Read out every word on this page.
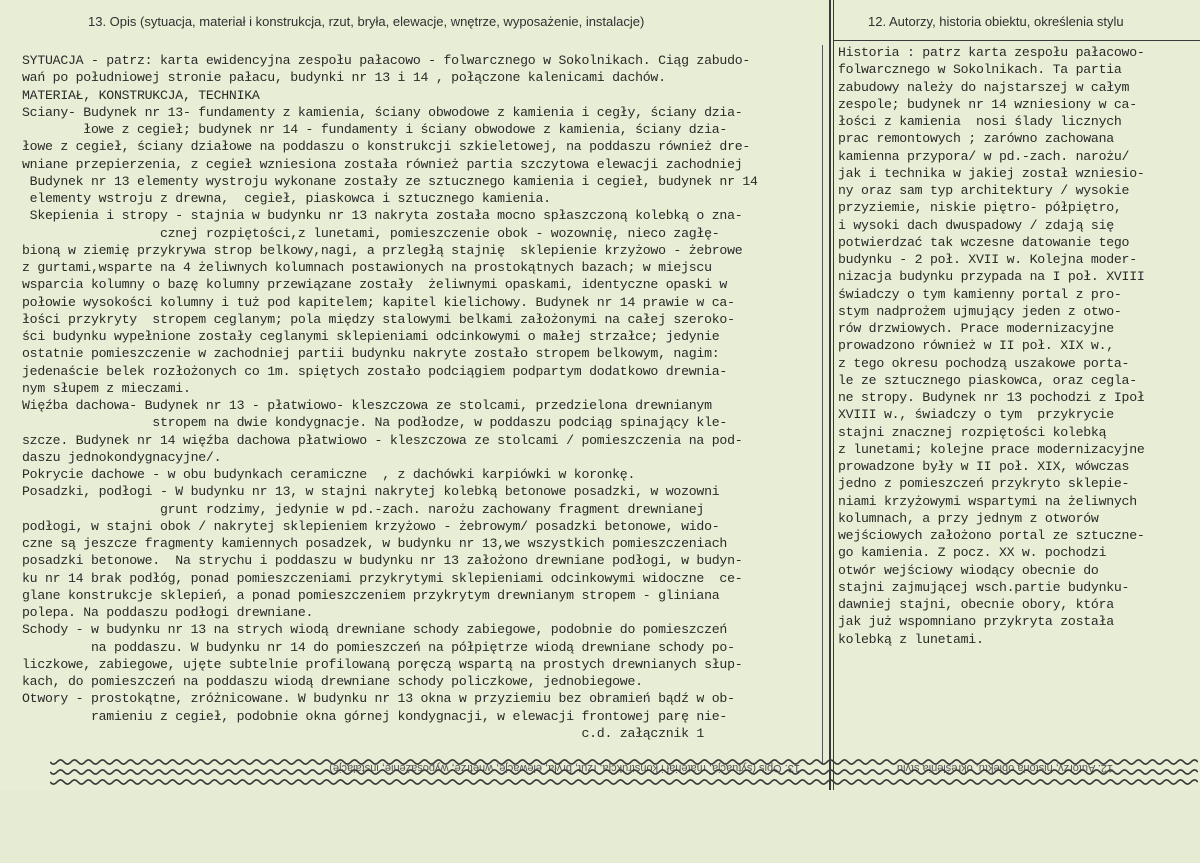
13. Opis (sytuacja, materiał i konstrukcja, rzut, bryła, elewacje, wnętrze, wyposażenie, instalacje)	12. Autorzy, historia obiektu, określenia stylu
SYTUACJA - patrz: karta ewidencyjna zespołu pałacowo - folwarcznego w Sokolnikach. Ciąg zabudo-
wań po południowej stronie pałacu, budynki nr 13 i 14 , połączone kalenicami dachów.
MATERIAŁ, KONSTRUKCJA, TECHNIKA
Sciany- Budynek nr 13- fundamenty z kamienia, ściany obwodowe z kamienia i cegły, ściany dzia-
łowe z cegieł; budynek nr 14 - fundamenty i ściany obwodowe z kamienia, ściany dzia-
łowe z cegieł, ściany działowe na poddaszu o konstrukcji szkieletowej, na poddaszu również dre-
wniane przepierzenia, z cegieł wzniesiona została również partia szczytowa elewacji zachodniej
Budynek nr 13 elementy wystroju wykonane zostały ze sztucznego kamienia i cegieł, budynek nr 14
elementy wstroju z drewna,  cegieł, piaskowca i sztucznego kamienia.
Skepienia i stropy - stajnia w budynku nr 13 nakryta została mocno spłaszczoną kolebką o zna-
cznej rozpiętości,z lunetami, pomieszczenie obok - wozownię, nieco zagłę-
bioną w ziemię przykrywa strop belkowy,nagi, a przległą stajnię  sklepienie krzyżowo - żebrowe
z gurtami,wsparte na 4 żeliwnych kolumnach postawionych na prostokątnych bazach; w miejscu
wsparcia kolumny o bazę kolumny przewiązane zostały  żeliwnymi opaskami, identyczne opaski w
połowie wysokości kolumny i tuż pod kapitelem; kapitel kielichowy. Budynek nr 14 prawie w ca-
łości przykryty  stropem ceglanym; pola między stalowymi belkami założonymi na całej szeroko-
ści budynku wypełnione zostały ceglanymi sklepieniami odcinkowymi o małej strzałce; jedynie
ostatnie pomieszczenie w zachodniej partii budynku nakryte zostało stropem belkowym, nagim:
jedenaście belek rozłożonych co 1m. spiętych zostało podciągiem podpartym dodatkowo drewnia-
nym słupem z mieczami.
Więźba dachowa- Budynek nr 13 - płatwiowo- kleszczowa ze stolcami, przedzielona drewnianym
stropem na dwie kondygnacje. Na podłodze, w poddaszu podciąg spinający kle-
szcze. Budynek nr 14 więźba dachowa płatwiowo - kleszczowa ze stolcami / pomieszczenia na pod-
daszu jednokondygnacyjne/.
Pokrycie dachowe - w obu budynkach ceramiczne  , z dachówki karpiówki w koronkę.
Posadzki, podłogi - W budynku nr 13, w stajni nakrytej kolebką betonowe posadzki, w wozowni
grunt rodzimy, jedynie w pd.-zach. narożu zachowany fragment drewnianej
podłogi, w stajni obok / nakrytej sklepieniem krzyżowo - żebrowym/ posadzki betonowe, wido-
czne są jeszcze fragmenty kamiennych posadzek, w budynku nr 13,we wszystkich pomieszczeniach
posadzki betonowe.  Na strychu i poddaszu w budynku nr 13 założono drewniane podłogi, w budyn-
ku nr 14 brak podłóg, ponad pomieszczeniami przykrytymi sklepieniami odcinkowymi widoczne  ce-
glane konstrukcje sklepień, a ponad pomieszczeniem przykrytym drewnianym stropem - gliniana
polepa. Na poddaszu podłogi drewniane.
Schody - w budynku nr 13 na strych wiodą drewniane schody zabiegowe, podobnie do pomieszczeń
na poddaszu. W budynku nr 14 do pomieszczeń na półpiętrze wiodą drewniane schody po-
liczkowe, zabiegowe, ujęte subtelnie profilowaną poręczą wspartą na prostych drewnianych słup-
kach, do pomieszczeń na poddaszu wiodą drewniane schody policzkowe, jednobiegowe.
Otwory - prostokątne, zróżnicowane. W budynku nr 13 okna w przyziemiu bez obramień bądź w ob-
ramieniu z cegieł, podobnie okna górnej kondygnacji, w elewacji frontowej parę nie-
c.d. załącznik 1
Historia : patrz karta zespołu pałacowo-
folwarcznego w Sokolnikach. Ta partia
zabudowy należy do najstarszej w całym
zespole; budynek nr 14 wzniesiony w ca-
łości z kamienia  nosi ślady licznych
prac remontowych ; zarówno zachowana
kamienna przypora/ w pd.-zach. narożu/
jak i technika w jakiej został wzniesio-
ny oraz sam typ architektury / wysokie
przyziemie, niskie piętro- półpiętro,
i wysoki dach dwuspadowy / zdają się
potwierdzać tak wczesne datowanie tego
budynku - 2 poł. XVII w. Kolejna moder-
nizacja budynku przypada na I poł. XVIII
świadczy o tym kamienny portal z pro-
stym nadprożem ujmujący jeden z otwo-
rów drzwiowych. Prace modernizacyjne
prowadzono również w II poł. XIX w.,
z tego okresu pochodzą uszakowe porta-
le ze sztucznego piaskowca, oraz cegla-
ne stropy. Budynek nr 13 pochodzi z Ipoł
XVIII w., świadczy o tym  przykrycie
stajni znacznej rozpiętości kolebką
z lunetami; kolejne prace modernizacyjne
prowadzone były w II poł. XIX, wówczas
jedno z pomieszczeń przykryto sklepie-
niami krzyżowymi wspartymi na żeliwnych
kolumnach, a przy jednym z otworów
wejściowych założono portal ze sztuczne-
go kamienia. Z pocz. XX w. pochodzi
otwór wejściowy wiodący obecnie do
stajni zajmującej wsch.partie budynku-
dawniej stajni, obecnie obory, która
jak już wspomniano przykryta została
kolebką z lunetami.
13. Opis (sytuacja, materiał i konstrukcja, rzut, bryła, elewacje, wnętrze, wyposażenie, instalacje)	12. Autorzy, historia obiektu, określenia stylu
